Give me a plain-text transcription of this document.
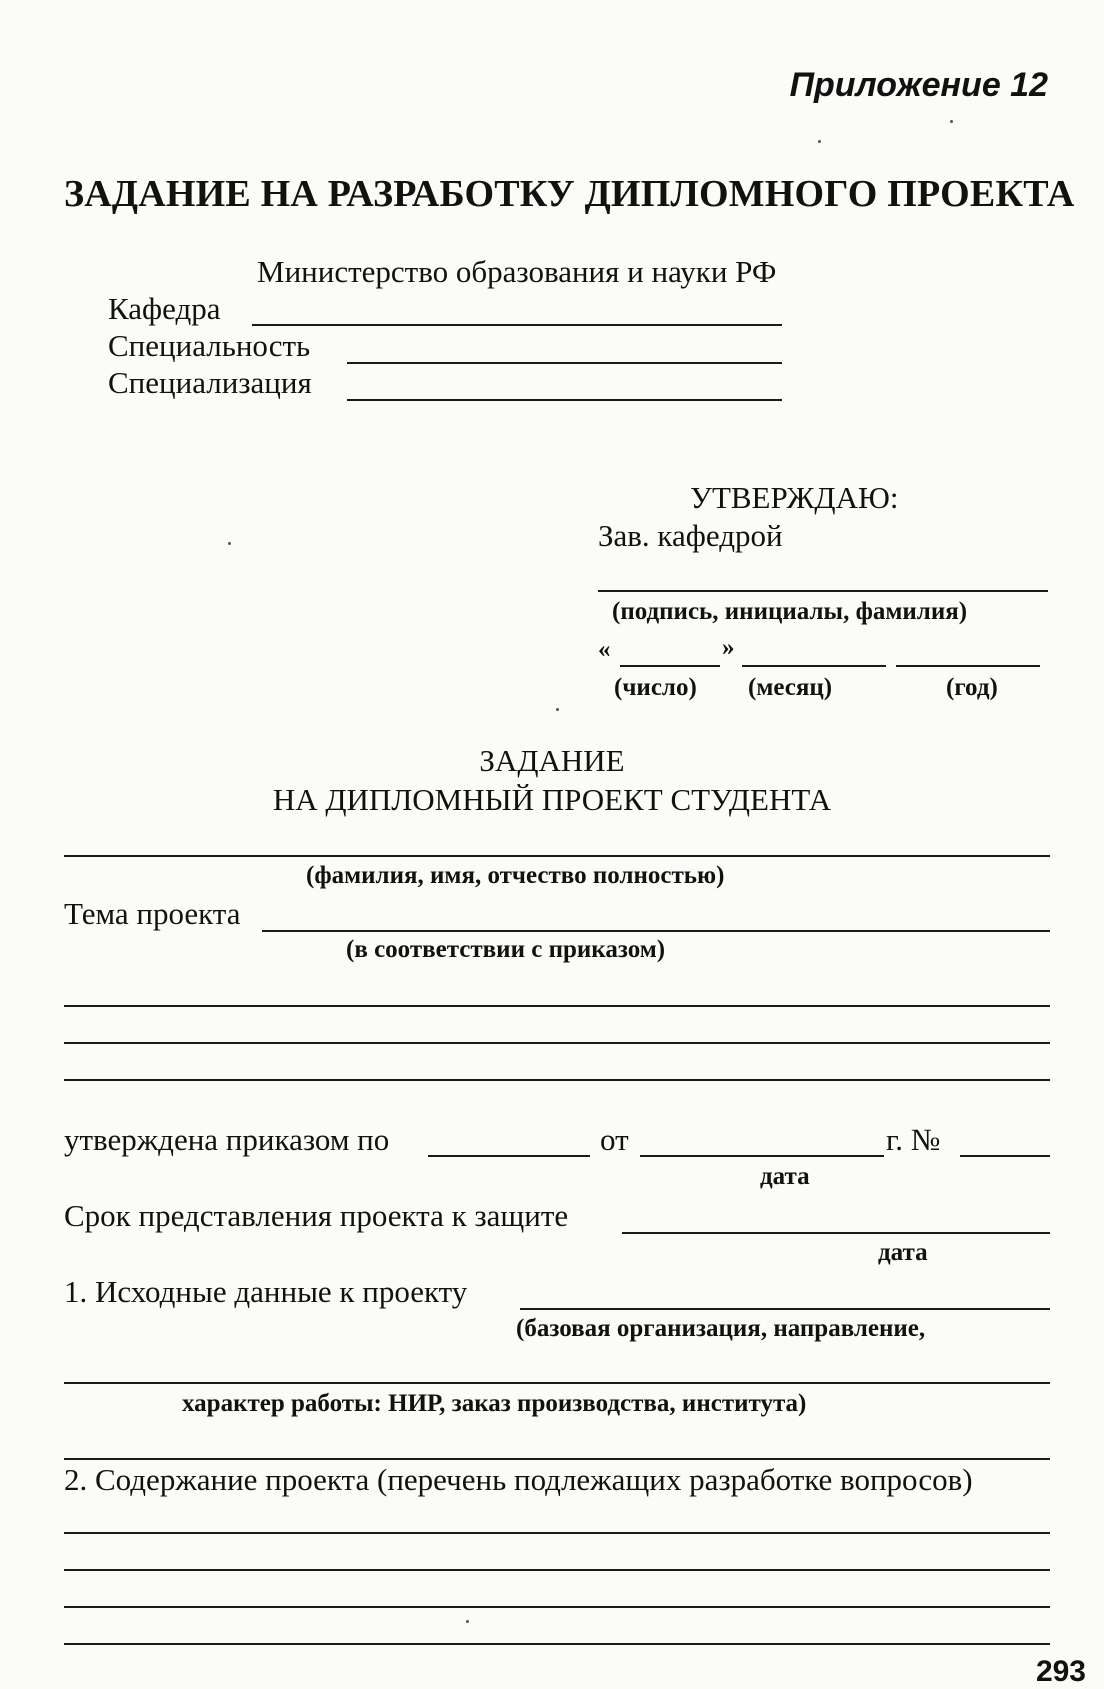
Приложение 12
ЗАДАНИЕ НА РАЗРАБОТКУ ДИПЛОМНОГО ПРОЕКТА
Министерство образования и науки РФ
Кафедра
Специальность
Специализация
УТВЕРЖДАЮ:
Зав. кафедрой
(подпись, инициалы, фамилия)
«	»
(число) (месяц)	(год)
ЗАДАНИЕ
НА ДИПЛОМНЫЙ ПРОЕКТ СТУДЕНТА
(фамилия, имя, отчество полностью)
Тема проекта
(в соответствии с приказом)
утверждена приказом по	от	г. №
дата
Срок представления проекта к защите
дата
1. Исходные данные к проекту
(базовая организация, направление,
характер работы: НИР, заказ производства, института)
2. Содержание проекта (перечень подлежащих разработке вопросов)
293
